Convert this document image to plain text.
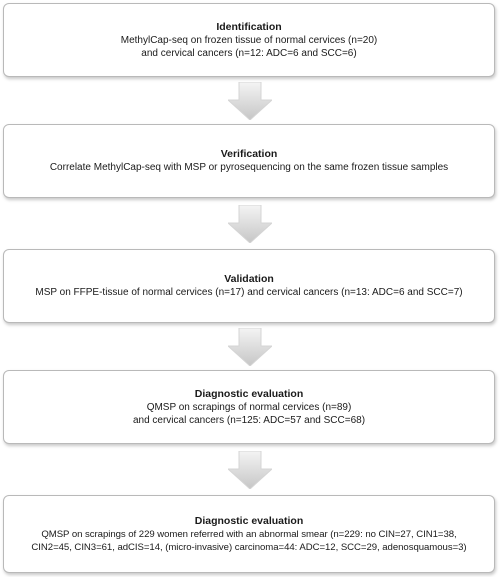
Identification
MethylCap-seq on frozen tissue of normal cervices (n=20)
and cervical cancers (n=12: ADC=6 and SCC=6)
Verification
Correlate MethylCap-seq with MSP or pyrosequencing on the same frozen tissue samples
Validation
MSP on FFPE-tissue of normal cervices (n=17) and cervical cancers (n=13: ADC=6 and SCC=7)
Diagnostic evaluation
QMSP on scrapings of normal cervices (n=89)
and cervical cancers (n=125: ADC=57 and SCC=68)
Diagnostic evaluation
QMSP on scrapings of 229 women referred with an abnormal smear (n=229: no CIN=27, CIN1=38,
CIN2=45, CIN3=61, adCIS=14, (micro-invasive) carcinoma=44: ADC=12, SCC=29, adenosquamous=3)
